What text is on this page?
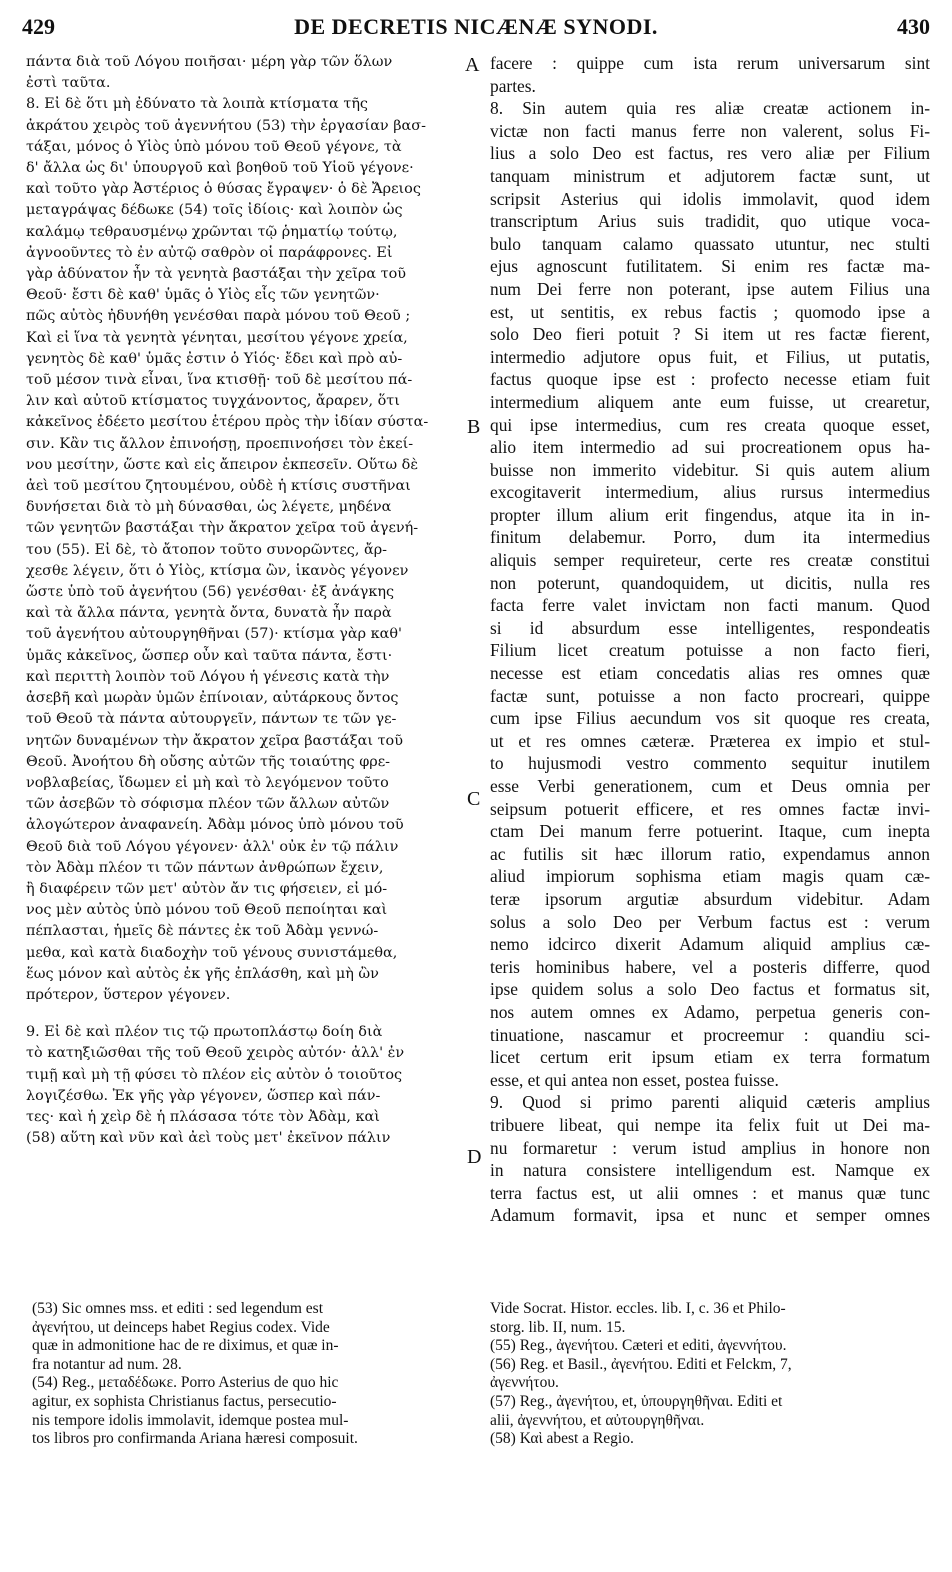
429	DE DECRETIS NICÆNÆ SYNODI.	430
πάντα διὰ τοῦ Λόγου ποιῆσαι· μέρη γὰρ τῶν ὅλων
ἐστὶ ταῦτα.
8. Εἰ δὲ ὅτι μὴ ἐδύνατο τὰ λοιπὰ κτίσματα τῆς
ἀκράτου χειρὸς τοῦ ἀγεννήτου (53) τὴν ἐργασίαν βασ-
τάξαι, μόνος ὁ Υἱὸς ὑπὸ μόνου τοῦ Θεοῦ γέγονε, τὰ
δ' ἄλλα ὡς δι' ὑπουργοῦ καὶ βοηθοῦ τοῦ Υἱοῦ γέγονε·
καὶ τοῦτο γὰρ Ἀστέριος ὁ θύσας ἔγραψεν· ὁ δὲ Ἄρειος
μεταγράψας δέδωκε (54) τοῖς ἰδίοις· καὶ λοιπὸν ὡς
καλάμῳ τεθραυσμένῳ χρῶνται τῷ ῥηματίῳ τούτῳ,
ἀγνοοῦντες τὸ ἐν αὐτῷ σαθρὸν οἱ παράφρονες. Εἰ
γὰρ ἀδύνατον ἦν τὰ γενητὰ βαστάξαι τὴν χεῖρα τοῦ
Θεοῦ· ἔστι δὲ καθ' ὑμᾶς ὁ Υἱὸς εἷς τῶν γενητῶν·
πῶς αὐτὸς ἠδυνήθη γενέσθαι παρὰ μόνου τοῦ Θεοῦ ;
Καὶ εἰ ἵνα τὰ γενητὰ γένηται, μεσίτου γέγονε χρεία,
γενητὸς δὲ καθ' ὑμᾶς ἐστιν ὁ Υἱός· ἔδει καὶ πρὸ αὐ-
τοῦ μέσον τινὰ εἶναι, ἵνα κτισθῇ· τοῦ δὲ μεσίτου πά-
λιν καὶ αὐτοῦ κτίσματος τυγχάνοντος, ἄραρεν, ὅτι
κἀκεῖνος ἐδέετο μεσίτου ἑτέρου πρὸς τὴν ἰδίαν σύστα-
σιν. Κἂν τις ἄλλον ἐπινοήσῃ, προεπινοήσει τὸν ἐκεί-
νου μεσίτην, ὥστε καὶ εἰς ἄπειρον ἐκπεσεῖν. Οὕτω δὲ
ἀεὶ τοῦ μεσίτου ζητουμένου, οὐδὲ ἡ κτίσις συστῆναι
δυνήσεται διὰ τὸ μὴ δύνασθαι, ὡς λέγετε, μηδένα
τῶν γενητῶν βαστάξαι τὴν ἄκρατον χεῖρα τοῦ ἀγενή-
του (55). Εἰ δὲ, τὸ ἄτοπον τοῦτο συνορῶντες, ἄρ-
χεσθε λέγειν, ὅτι ὁ Υἱὸς, κτίσμα ὢν, ἱκανὸς γέγονεν
ὥστε ὑπὸ τοῦ ἀγενήτου (56) γενέσθαι· ἐξ ἀνάγκης
καὶ τὰ ἄλλα πάντα, γενητὰ ὄντα, δυνατὰ ἦν παρὰ
τοῦ ἀγενήτου αὐτουργηθῆναι (57)· κτίσμα γὰρ καθ'
ὑμᾶς κἀκεῖνος, ὥσπερ οὖν καὶ ταῦτα πάντα, ἔστι·
καὶ περιττὴ λοιπὸν τοῦ Λόγου ἡ γένεσις κατὰ τὴν
ἀσεβῆ καὶ μωρὰν ὑμῶν ἐπίνοιαν, αὐτάρκους ὄντος
τοῦ Θεοῦ τὰ πάντα αὐτουργεῖν, πάντων τε τῶν γε-
νητῶν δυναμένων τὴν ἄκρατον χεῖρα βαστάξαι τοῦ
Θεοῦ. Ἀνοήτου δὴ οὔσης αὐτῶν τῆς τοιαύτης φρε-
νοβλαβείας, ἴδωμεν εἰ μὴ καὶ τὸ λεγόμενον τοῦτο
τῶν ἀσεβῶν τὸ σόφισμα πλέον τῶν ἄλλων αὐτῶν
ἀλογώτερον ἀναφανείη. Ἀδὰμ μόνος ὑπὸ μόνου τοῦ
Θεοῦ διὰ τοῦ Λόγου γέγονεν· ἀλλ' οὐκ ἐν τῷ πάλιν
τὸν Ἀδὰμ πλέον τι τῶν πάντων ἀνθρώπων ἔχειν,
ἢ διαφέρειν τῶν μετ' αὐτὸν ἄν τις φήσειεν, εἰ μό-
νος μὲν αὐτὸς ὑπὸ μόνου τοῦ Θεοῦ πεποίηται καὶ
πέπλασται, ἡμεῖς δὲ πάντες ἐκ τοῦ Ἀδὰμ γεννώ-
μεθα, καὶ κατὰ διαδοχὴν τοῦ γένους συνιστάμεθα,
ἕως μόνον καὶ αὐτὸς ἐκ γῆς ἐπλάσθη, καὶ μὴ ὢν
πρότερον, ὕστερον γέγονεν.
9. Εἰ δὲ καὶ πλέον τις τῷ πρωτοπλάστῳ δοίη διὰ
τὸ κατηξιῶσθαι τῆς τοῦ Θεοῦ χειρὸς αὐτόν· ἀλλ' ἐν
τιμῇ καὶ μὴ τῇ φύσει τὸ πλέον εἰς αὐτὸν ὁ τοιοῦτος
λογιζέσθω. Ἐκ γῆς γὰρ γέγονεν, ὥσπερ καὶ πάν-
τες· καὶ ἡ χεὶρ δὲ ἡ πλάσασα τότε τὸν Ἀδὰμ, καὶ
(58) αὕτη καὶ νῦν καὶ ἀεὶ τοὺς μετ' ἐκεῖνον πάλιν
facere : quippe cum ista rerum universarum sint
partes.
8. Sin autem quia res aliæ creatæ actionem in-
victæ non facti manus ferre non valerent, solus Fi-
lius a solo Deo est factus, res vero aliæ per Filium
tanquam ministrum et adjutorem factæ sunt, ut
scripsit Asterius qui idolis immolavit, quod idem
transcriptum Arius suis tradidit, quo utique voca-
bulo tanquam calamo quassato utuntur, nec stulti
ejus agnoscunt futilitatem. Si enim res factæ ma-
num Dei ferre non poterant, ipse autem Filius una
est, ut sentitis, ex rebus factis ; quomodo ipse a
solo Deo fieri potuit ? Si item ut res factæ fierent,
intermedio adjutore opus fuit, et Filius, ut putatis,
factus quoque ipse est : profecto necesse etiam fuit
intermedium aliquem ante eum fuisse, ut crearetur,
qui ipse intermedius, cum res creata quoque esset,
alio item intermedio ad sui procreationem opus ha-
buisse non immerito videbitur. Si quis autem alium
excogitaverit intermedium, alius rursus intermedius
propter illum alium erit fingendus, atque ita in in-
finitum delabemur. Porro, dum ita intermedius
aliquis semper requireteur, certe res creatæ constitui
non poterunt, quandoquidem, ut dicitis, nulla res
facta ferre valet invictam non facti manum. Quod
si id absurdum esse intelligentes, respondeatis
Filium licet creatum potuisse a non facto fieri,
necesse est etiam concedatis alias res omnes quæ
factæ sunt, potuisse a non facto procreari, quippe
cum ipse Filius aecundum vos sit quoque res creata,
ut et res omnes cæteræ. Præterea ex impio et stul-
to hujusmodi vestro commento sequitur inutilem
esse Verbi generationem, cum et Deus omnia per
seipsum potuerit efficere, et res omnes factæ invi-
ctam Dei manum ferre potuerint. Itaque, cum inepta
ac futilis sit hæc illorum ratio, expendamus annon
aliud impiorum sophisma etiam magis quam cæ-
teræ ipsorum argutiæ absurdum videbitur. Adam
solus a solo Deo per Verbum factus est : verum
nemo idcirco dixerit Adamum aliquid amplius cæ-
teris hominibus habere, vel a posteris differre, quod
ipse quidem solus a solo Deo factus et formatus sit,
nos autem omnes ex Adamo, perpetua generis con-
tinuatione, nascamur et procreemur : quandiu sci-
licet certum erit ipsum etiam ex terra formatum
esse, et qui antea non esset, postea fuisse.
9. Quod si primo parenti aliquid cæteris amplius
tribuere libeat, qui nempe ita felix fuit ut Dei ma-
nu formaretur : verum istud amplius in honore non
in natura consistere intelligendum est. Namque ex
terra factus est, ut alii omnes : et manus quæ tunc
Adamum formavit, ipsa et nunc et semper omnes
A
B
C
D
(53) Sic omnes mss. et editi : sed legendum est
ἀγενήτου, ut deinceps habet Regius codex. Vide
quæ in admonitione hac de re diximus, et quæ in-
fra notantur ad num. 28.
(54) Reg., μεταδέδωκε. Porro Asterius de quo hic
agitur, ex sophista Christianus factus, persecutio-
nis tempore idolis immolavit, idemque postea mul-
tos libros pro confirmanda Ariana hæresi composuit.
Vide Socrat. Histor. eccles. lib. I, c. 36 et Philo-
storg. lib. II, num. 15.
(55) Reg., ἀγενήτου. Cæteri et editi, ἀγεννήτου.
(56) Reg. et Basil., ἀγενήτου. Editi et Felckm, 7,
ἀγεννήτου.
(57) Reg., ἀγενήτου, et, ὑπουργηθῆναι. Editi et
alii, ἀγεννήτου, et αὐτουργηθῆναι.
(58) Καὶ abest a Regio.
